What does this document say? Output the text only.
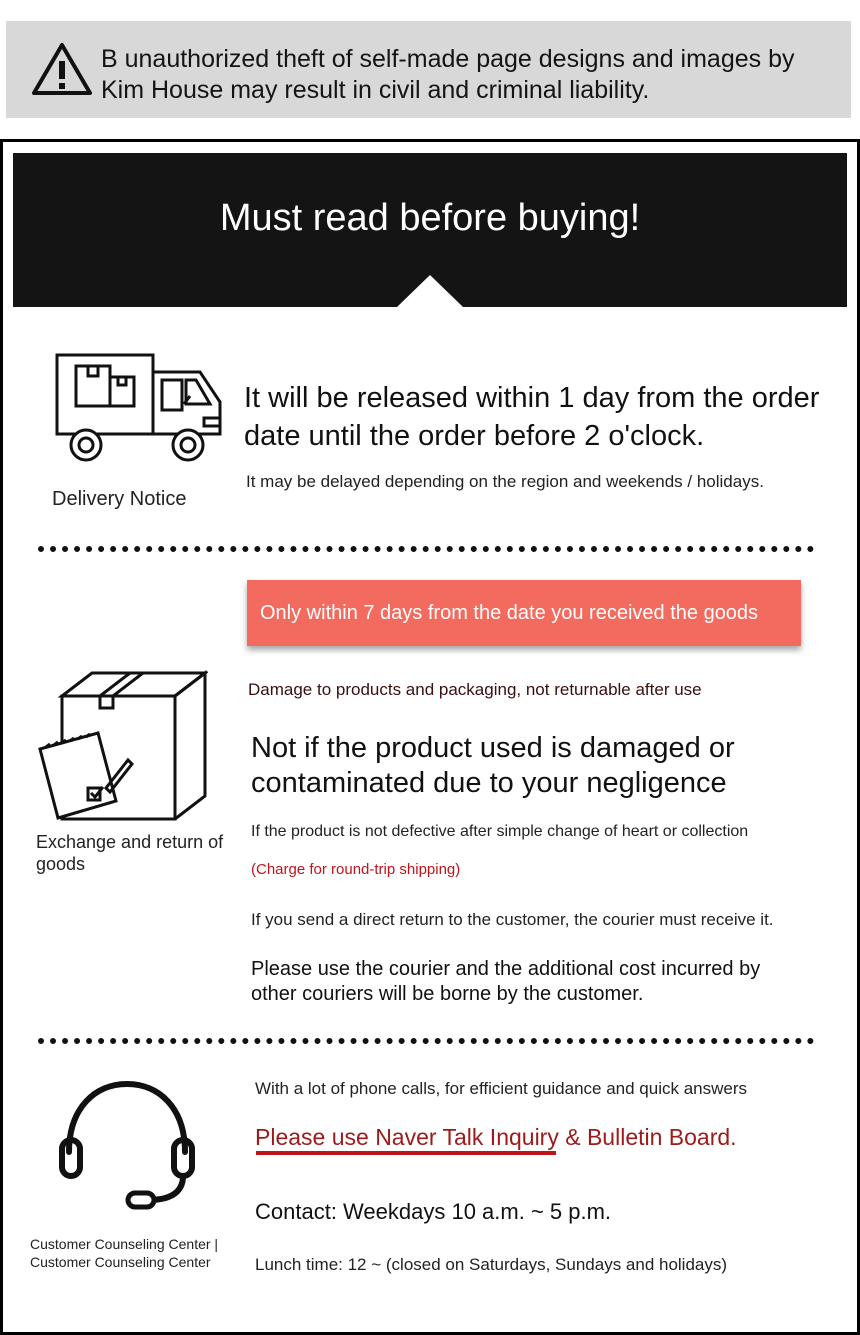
B unauthorized theft of self-made page designs and images by Kim House may result in civil and criminal liability.
Must read before buying!
Delivery Notice
It will be released within 1 day from the order date until the order before 2 o'clock.
It may be delayed depending on the region and weekends / holidays.
Only within 7 days from the date you received the goods
Damage to products and packaging, not returnable after use
Exchange and return of goods
Not if the product used is damaged or contaminated due to your negligence
If the product is not defective after simple change of heart or collection
(Charge for round-trip shipping)
If you send a direct return to the customer, the courier must receive it.
Please use the courier and the additional cost incurred by other couriers will be borne by the customer.
Customer Counseling Center | Customer Counseling Center
With a lot of phone calls, for efficient guidance and quick answers
Please use Naver Talk Inquiry & Bulletin Board.
Contact: Weekdays 10 a.m. ~ 5 p.m.
Lunch time: 12 ~ (closed on Saturdays, Sundays and holidays)
